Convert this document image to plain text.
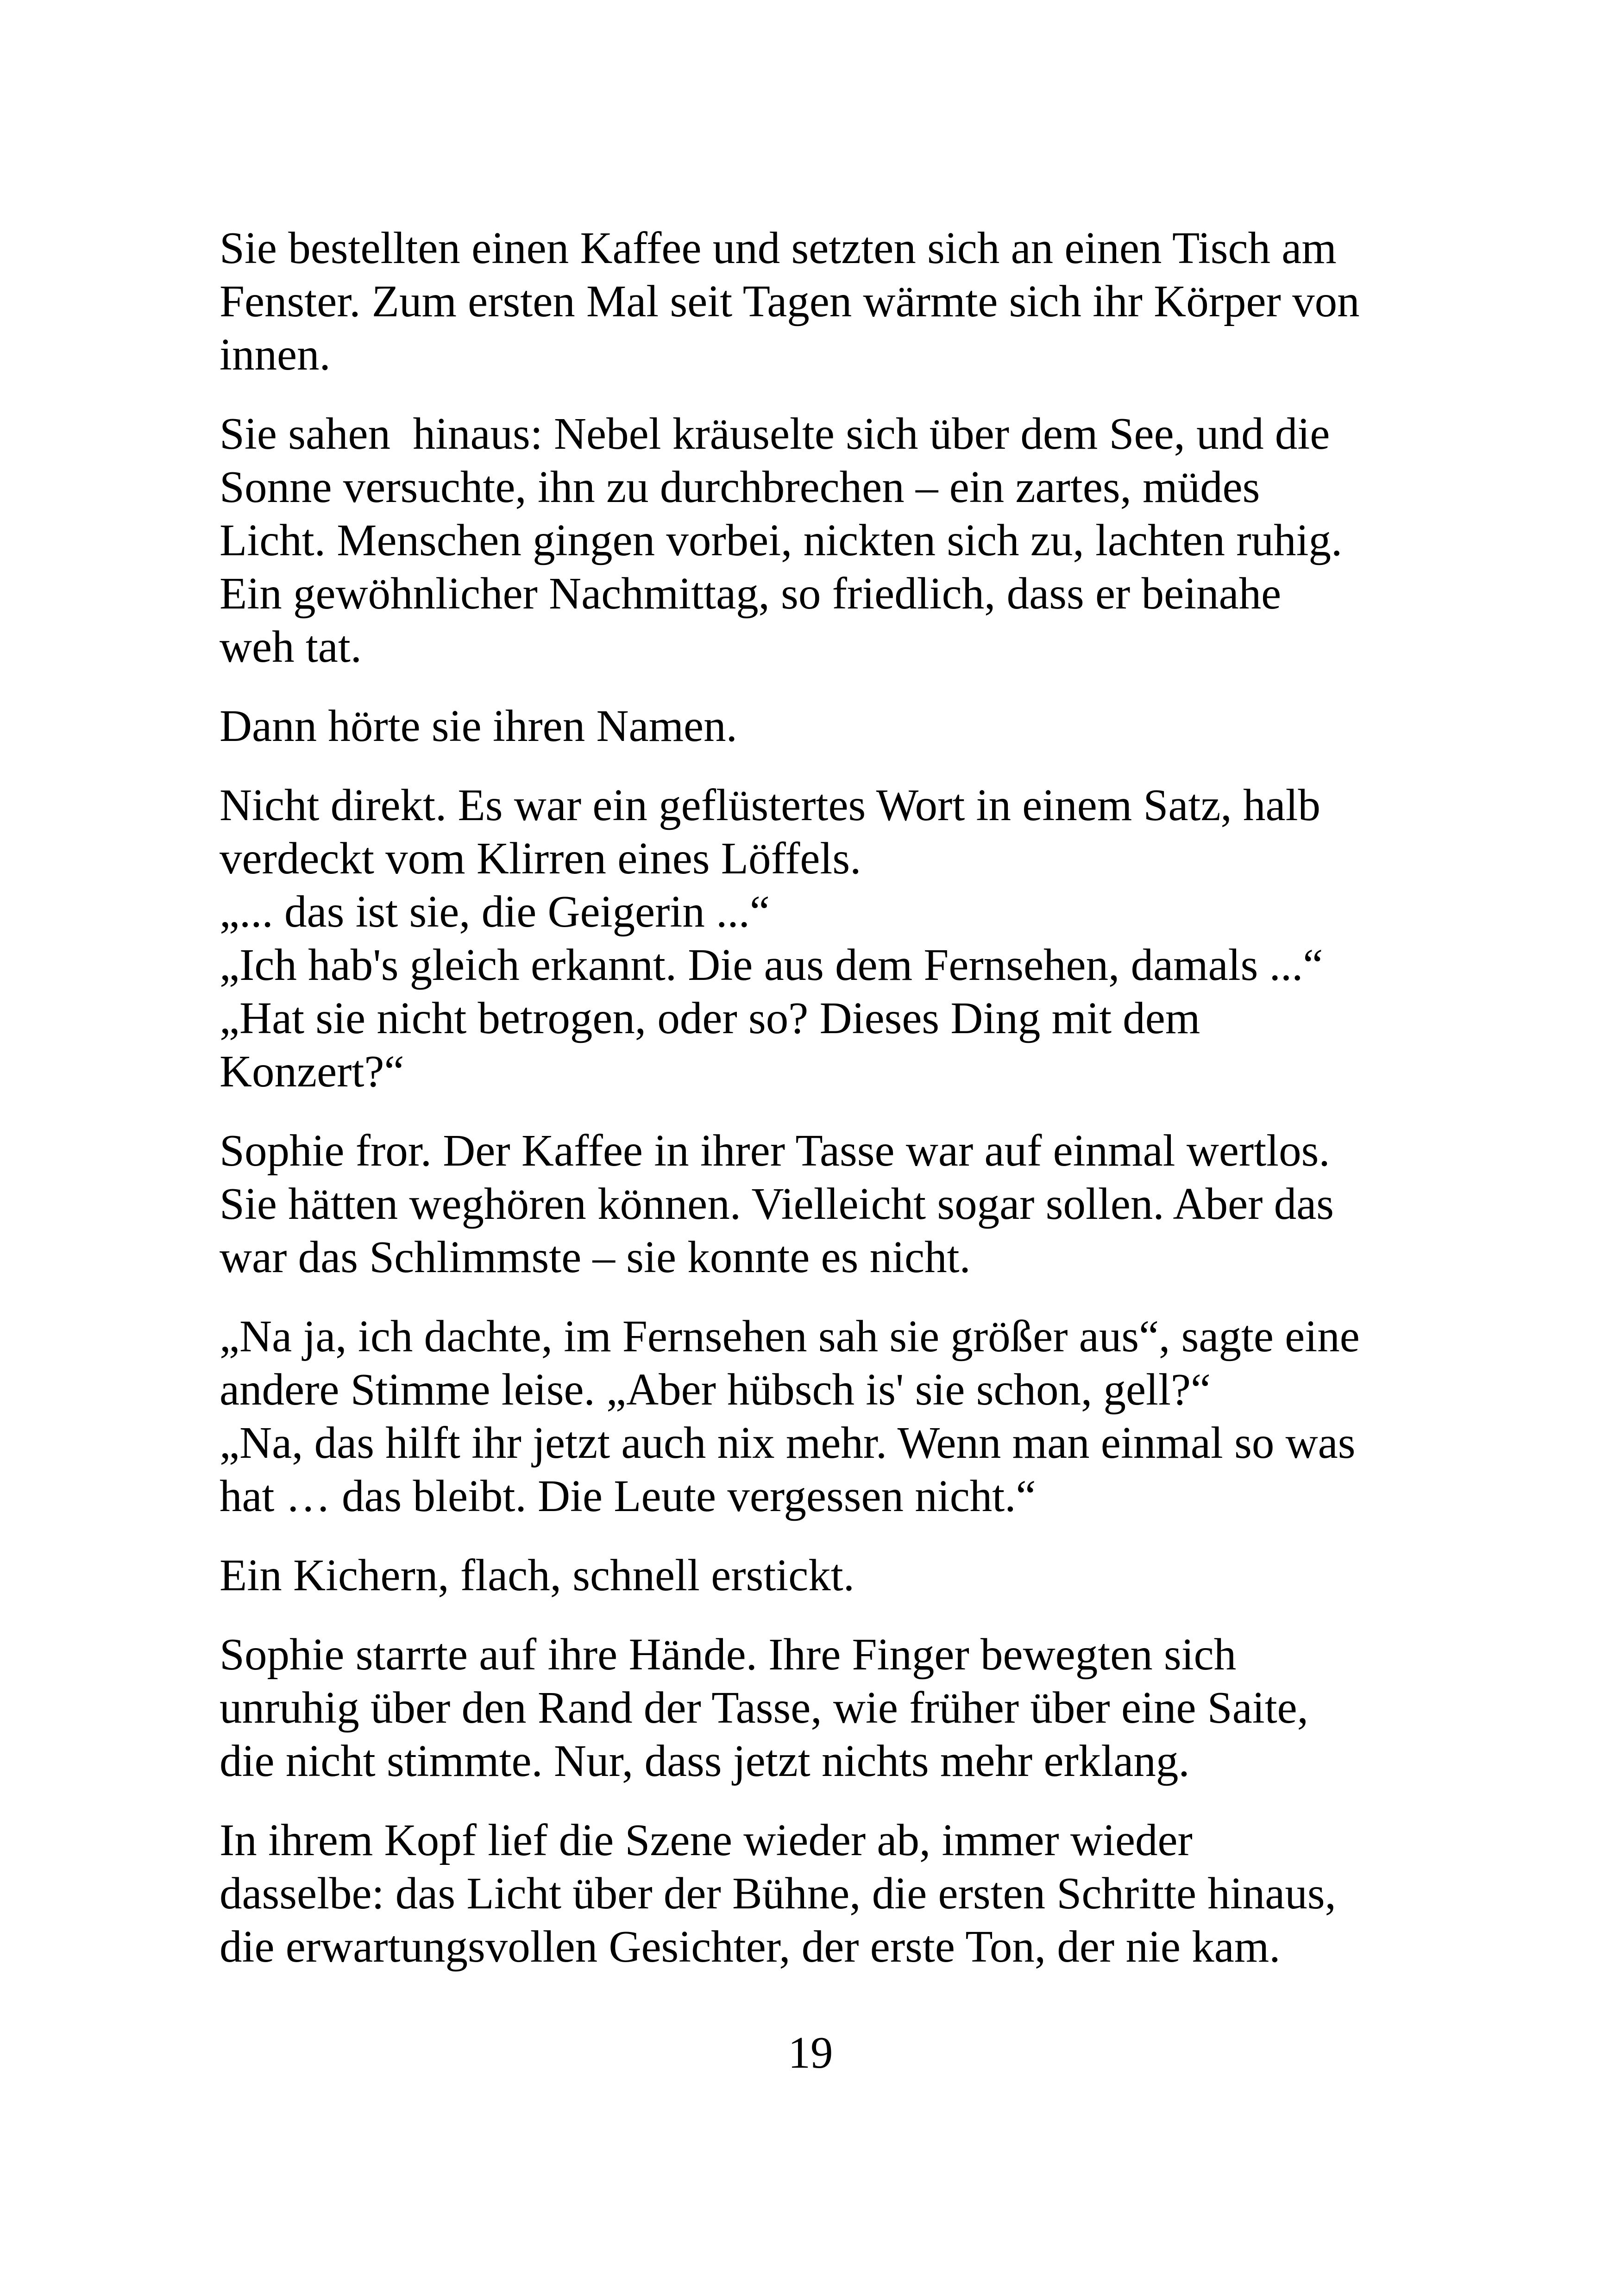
Sie bestellten einen Kaffee und setzten sich an einen Tisch am
Fenster. Zum ersten Mal seit Tagen wärmte sich ihr Körper von
innen.

Sie sahen  hinaus: Nebel kräuselte sich über dem See, und die
Sonne versuchte, ihn zu durchbrechen – ein zartes, müdes
Licht. Menschen gingen vorbei, nickten sich zu, lachten ruhig.
Ein gewöhnlicher Nachmittag, so friedlich, dass er beinahe
weh tat.

Dann hörte sie ihren Namen.

Nicht direkt. Es war ein geflüstertes Wort in einem Satz, halb
verdeckt vom Klirren eines Löffels.
„... das ist sie, die Geigerin ...“
„Ich hab's gleich erkannt. Die aus dem Fernsehen, damals ...“
„Hat sie nicht betrogen, oder so? Dieses Ding mit dem
Konzert?“

Sophie fror. Der Kaffee in ihrer Tasse war auf einmal wertlos.
Sie hätten weghören können. Vielleicht sogar sollen. Aber das
war das Schlimmste – sie konnte es nicht.

„Na ja, ich dachte, im Fernsehen sah sie größer aus“, sagte eine
andere Stimme leise. „Aber hübsch is' sie schon, gell?“
„Na, das hilft ihr jetzt auch nix mehr. Wenn man einmal so was
hat … das bleibt. Die Leute vergessen nicht.“

Ein Kichern, flach, schnell erstickt.

Sophie starrte auf ihre Hände. Ihre Finger bewegten sich
unruhig über den Rand der Tasse, wie früher über eine Saite,
die nicht stimmte. Nur, dass jetzt nichts mehr erklang.

In ihrem Kopf lief die Szene wieder ab, immer wieder
dasselbe: das Licht über der Bühne, die ersten Schritte hinaus,
die erwartungsvollen Gesichter, der erste Ton, der nie kam.

19
